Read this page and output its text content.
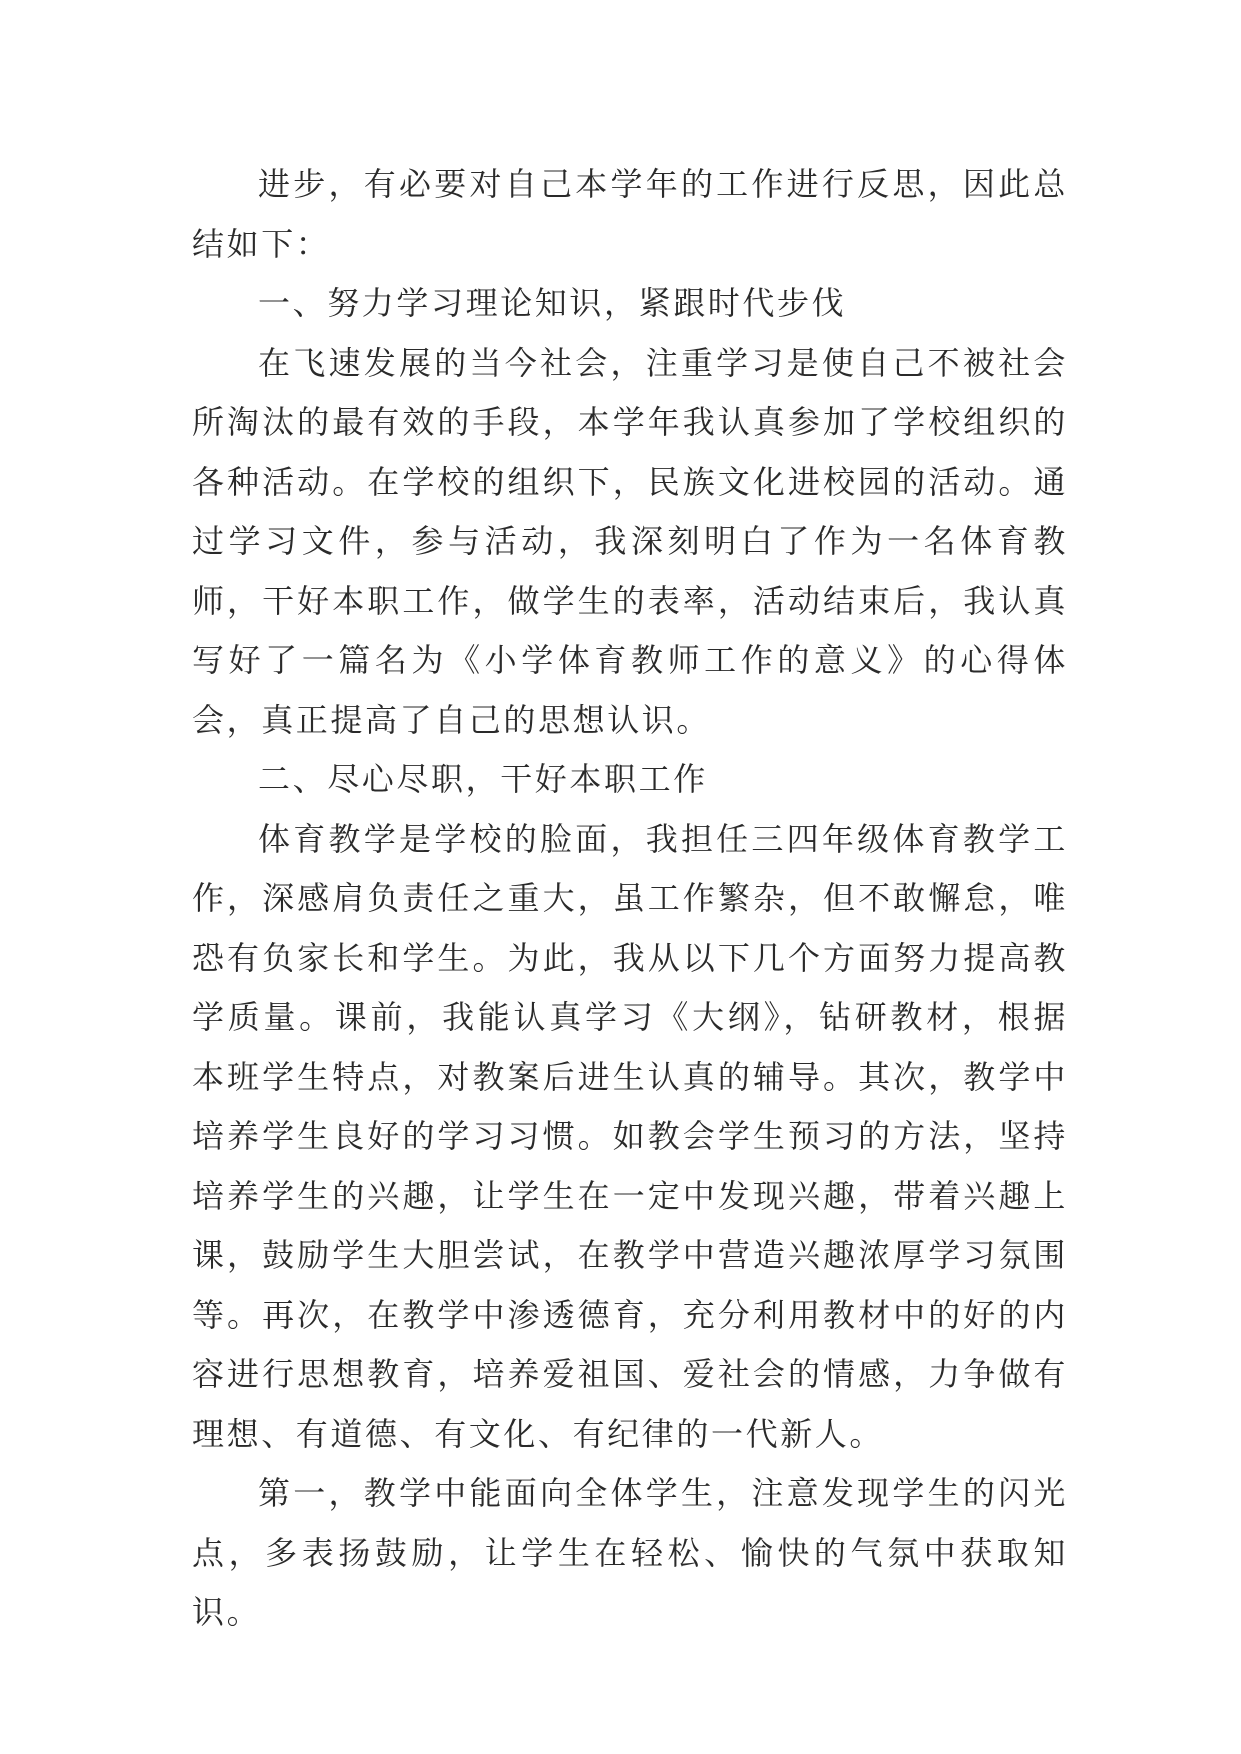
进步，有必要对自己本学年的工作进行反思，因此总结如下：

一、努力学习理论知识，紧跟时代步伐

在飞速发展的当今社会，注重学习是使自己不被社会所淘汰的最有效的手段，本学年我认真参加了学校组织的各种活动。在学校的组织下，民族文化进校园的活动。通过学习文件，参与活动，我深刻明白了作为一名体育教师，干好本职工作，做学生的表率，活动结束后，我认真写好了一篇名为《小学体育教师工作的意义》的心得体会，真正提高了自己的思想认识。

二、尽心尽职，干好本职工作

体育教学是学校的脸面，我担任三四年级体育教学工作，深感肩负责任之重大，虽工作繁杂，但不敢懈怠，唯恐有负家长和学生。为此，我从以下几个方面努力提高教学质量。课前，我能认真学习《大纲》，钻研教材，根据本班学生特点，对教案后进生认真的辅导。其次，教学中培养学生良好的学习习惯。如教会学生预习的方法，坚持培养学生的兴趣，让学生在一定中发现兴趣，带着兴趣上课，鼓励学生大胆尝试，在教学中营造兴趣浓厚学习氛围等。再次，在教学中渗透德育，充分利用教材中的好的内容进行思想教育，培养爱祖国、爱社会的情感，力争做有理想、有道德、有文化、有纪律的一代新人。

第一，教学中能面向全体学生，注意发现学生的闪光点，多表扬鼓励，让学生在轻松、愉快的气氛中获取知识。
